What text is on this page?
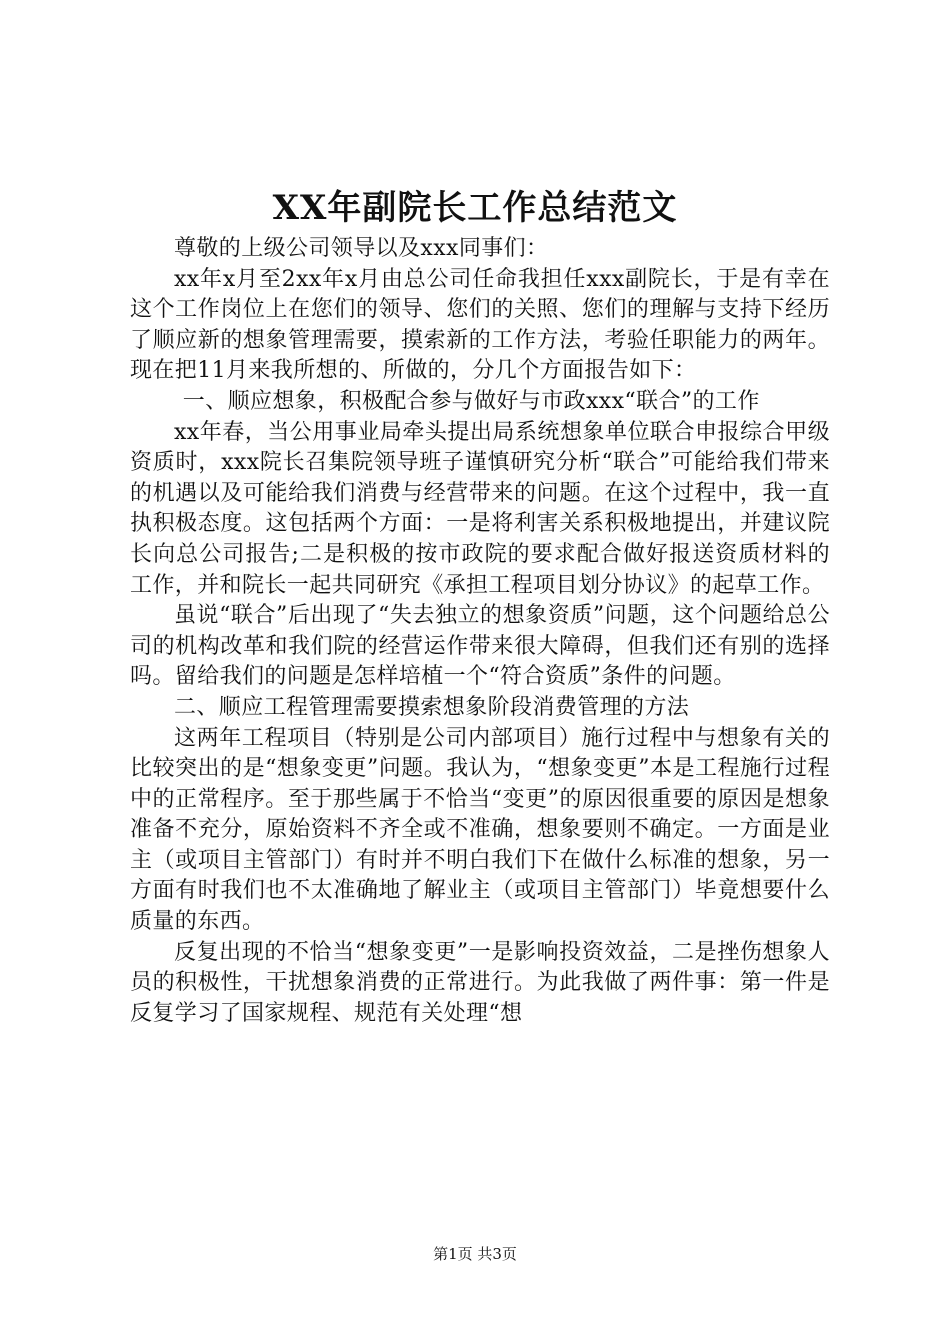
XX年副院长工作总结范文

尊敬的上级公司领导以及xxx同事们：

xx年x月至2xx年x月由总公司任命我担任xxx副院长，于是有幸在这个工作岗位上在您们的领导、您们的关照、您们的理解与支持下经历了顺应新的想象管理需要，摸索新的工作方法，考验任职能力的两年。现在把11月来我所想的、所做的，分几个方面报告如下：

一、顺应想象，积极配合参与做好与市政xxx“联合”的工作

xx年春，当公用事业局牵头提出局系统想象单位联合申报综合甲级资质时，xxx院长召集院领导班子谨慎研究分析“联合”可能给我们带来的机遇以及可能给我们消费与经营带来的问题。在这个过程中，我一直执积极态度。这包括两个方面：一是将利害关系积极地提出，并建议院长向总公司报告;二是积极的按市政院的要求配合做好报送资质材料的工作，并和院长一起共同研究《承担工程项目划分协议》的起草工作。

虽说“联合”后出现了“失去独立的想象资质”问题，这个问题给总公司的机构改革和我们院的经营运作带来很大障碍，但我们还有别的选择吗。留给我们的问题是怎样培植一个“符合资质”条件的问题。

二、顺应工程管理需要摸索想象阶段消费管理的方法

这两年工程项目（特别是公司内部项目）施行过程中与想象有关的比较突出的是“想象变更”问题。我认为，“想象变更”本是工程施行过程中的正常程序。至于那些属于不恰当“变更”的原因很重要的原因是想象准备不充分，原始资料不齐全或不准确，想象要则不确定。一方面是业主（或项目主管部门）有时并不明白我们下在做什么标准的想象，另一方面有时我们也不太准确地了解业主（或项目主管部门）毕竟想要什么质量的东西。

反复出现的不恰当“想象变更”一是影响投资效益，二是挫伤想象人员的积极性，干扰想象消费的正常进行。为此我做了两件事：第一件是反复学习了国家规程、规范有关处理“想

第1页 共3页
